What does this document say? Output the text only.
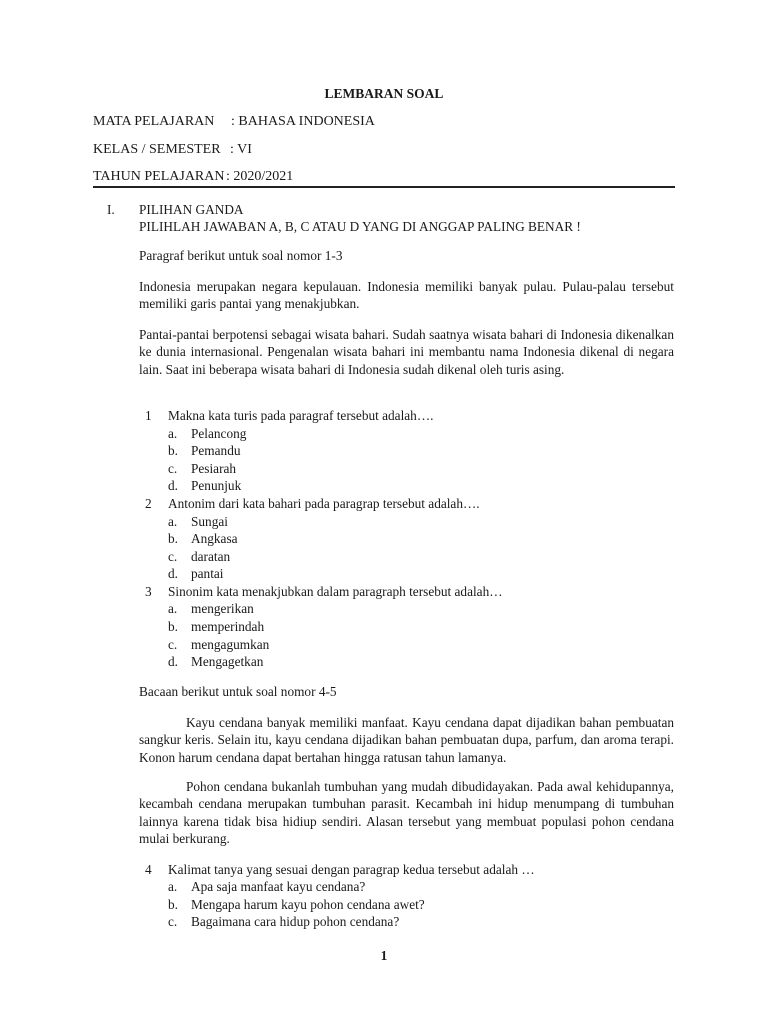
LEMBARAN SOAL
MATA PELAJARAN : BAHASA INDONESIA
KELAS / SEMESTER : VI
TAHUN PELAJARAN : 2020/2021
I. PILIHAN GANDA
PILIHLAH JAWABAN A, B, C ATAU D YANG DI ANGGAP PALING BENAR !
Paragraf berikut untuk soal nomor 1-3
Indonesia merupakan negara kepulauan. Indonesia memiliki banyak pulau. Pulau-palau tersebut memiliki garis pantai yang menakjubkan.
Pantai-pantai berpotensi sebagai wisata bahari. Sudah saatnya wisata bahari di Indonesia dikenalkan ke dunia internasional. Pengenalan wisata bahari ini membantu nama Indonesia dikenal di negara lain. Saat ini beberapa wisata bahari di Indonesia sudah dikenal oleh turis asing.
1 Makna kata turis pada paragraf tersebut adalah….
a. Pelancong
b. Pemandu
c. Pesiarah
d. Penunjuk
2 Antonim dari kata bahari pada paragrap tersebut adalah….
a. Sungai
b. Angkasa
c. daratan
d. pantai
3 Sinonim kata menakjubkan dalam paragraph tersebut adalah…
a. mengerikan
b. memperindah
c. mengagumkan
d. Mengagetkan
Bacaan berikut untuk soal nomor 4-5
Kayu cendana banyak memiliki manfaat. Kayu cendana dapat dijadikan bahan pembuatan sangkur keris. Selain itu, kayu cendana dijadikan bahan pembuatan dupa, parfum, dan aroma terapi. Konon harum cendana dapat bertahan hingga ratusan tahun lamanya.
Pohon cendana bukanlah tumbuhan yang mudah dibudidayakan. Pada awal kehidupannya, kecambah cendana merupakan tumbuhan parasit. Kecambah ini hidup menumpang di tumbuhan lainnya karena tidak bisa hidiup sendiri. Alasan tersebut yang membuat populasi pohon cendana mulai berkurang.
4 Kalimat tanya yang sesuai dengan paragrap kedua tersebut adalah …
a. Apa saja manfaat kayu cendana?
b. Mengapa harum kayu pohon cendana awet?
c. Bagaimana cara hidup pohon cendana?
1
